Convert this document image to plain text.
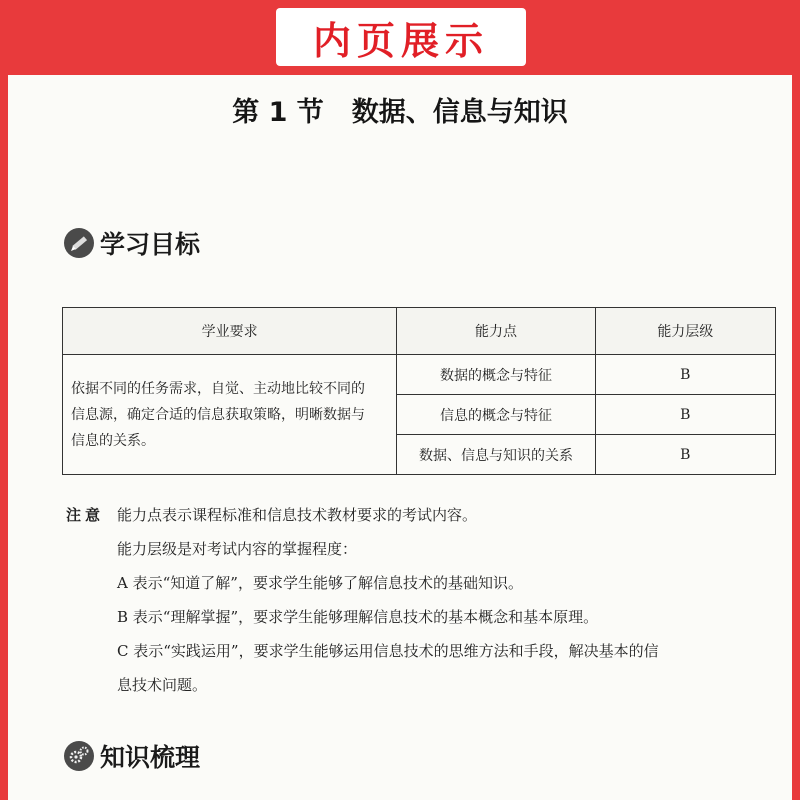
内页展示
第 1 节 数据、信息与知识
学习目标
学业要求	能力点	能力层级

依据不同的任务需求，自觉、主动地比较不同的
信息源，确定合适的信息获取策略，明晰数据与
信息的关系。	数据的概念与特征	B
	信息的概念与特征	B
	数据、信息与知识的关系	B
注意 能力点表示课程标准和信息技术教材要求的考试内容。
能力层级是对考试内容的掌握程度：
A 表示“知道了解”，要求学生能够了解信息技术的基础知识。
B 表示“理解掌握”，要求学生能够理解信息技术的基本概念和基本原理。
C 表示“实践运用”，要求学生能够运用信息技术的思维方法和手段，解决基本的信
息技术问题。
知识梳理
